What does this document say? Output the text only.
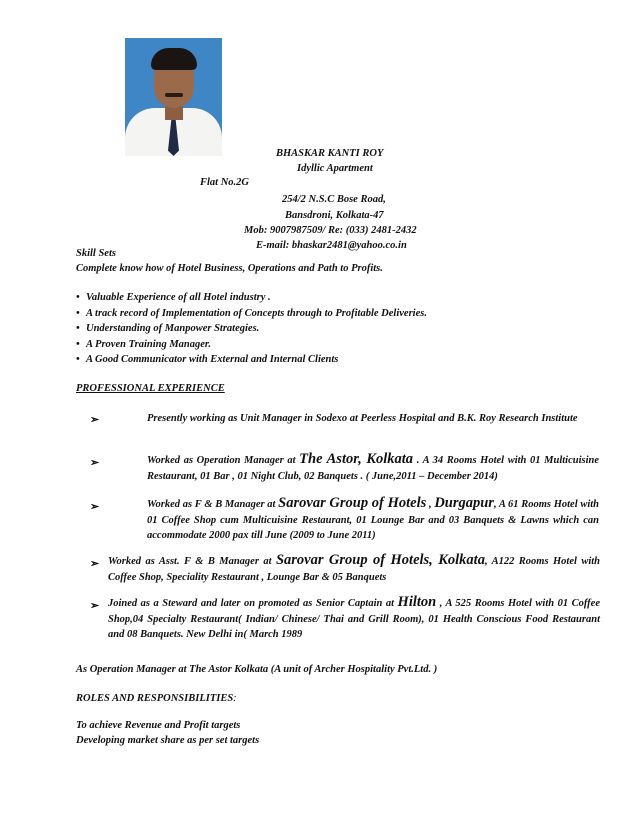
BHASKAR KANTI ROY
Idyllic Apartment
Flat No.2G
254/2 N.S.C Bose Road,
Bansdroni, Kolkata-47
Mob: 9007987509/ Re: (033) 2481-2432
E-mail: bhaskar2481@yahoo.co.in
Skill Sets
Complete know how of Hotel Business, Operations and Path to Profits.
• Valuable Experience of all Hotel industry .
• A track record of Implementation of Concepts through to Profitable Deliveries.
• Understanding of Manpower Strategies.
• A Proven Training Manager.
• A Good Communicator with External and Internal Clients
PROFESSIONAL EXPERIENCE
➢	Presently working as Unit Manager in Sodexo at Peerless Hospital and B.K. Roy Research Institute
➢	Worked as Operation Manager at The Astor, Kolkata . A 34 Rooms Hotel with 01 Multicuisine Restaurant, 01 Bar , 01 Night Club, 02 Banquets . ( June,2011 – December 2014)
➢	Worked as F & B Manager at Sarovar Group of Hotels , Durgapur, A 61 Rooms Hotel with 01 Coffee Shop cum Multicuisine Restaurant, 01 Lounge Bar and 03 Banquets & Lawns which can accommodate 2000 pax till June (2009 to June 2011)
➢ Worked as Asst. F & B Manager at Sarovar Group of Hotels, Kolkata, A122 Rooms Hotel with Coffee Shop, Speciality Restaurant , Lounge Bar & 05 Banquets
➢ Joined as a Steward and later on promoted as Senior Captain at Hilton , A 525 Rooms Hotel with 01 Coffee Shop,04 Specialty Restaurant( Indian/ Chinese/ Thai and Grill Room), 01 Health Conscious Food Restaurant and 08 Banquets. New Delhi in( March 1989
As Operation Manager at The Astor Kolkata (A unit of Archer Hospitality Pvt.Ltd. )
ROLES AND RESPONSIBILITIES:
To achieve Revenue and Profit targets
Developing market share as per set targets
